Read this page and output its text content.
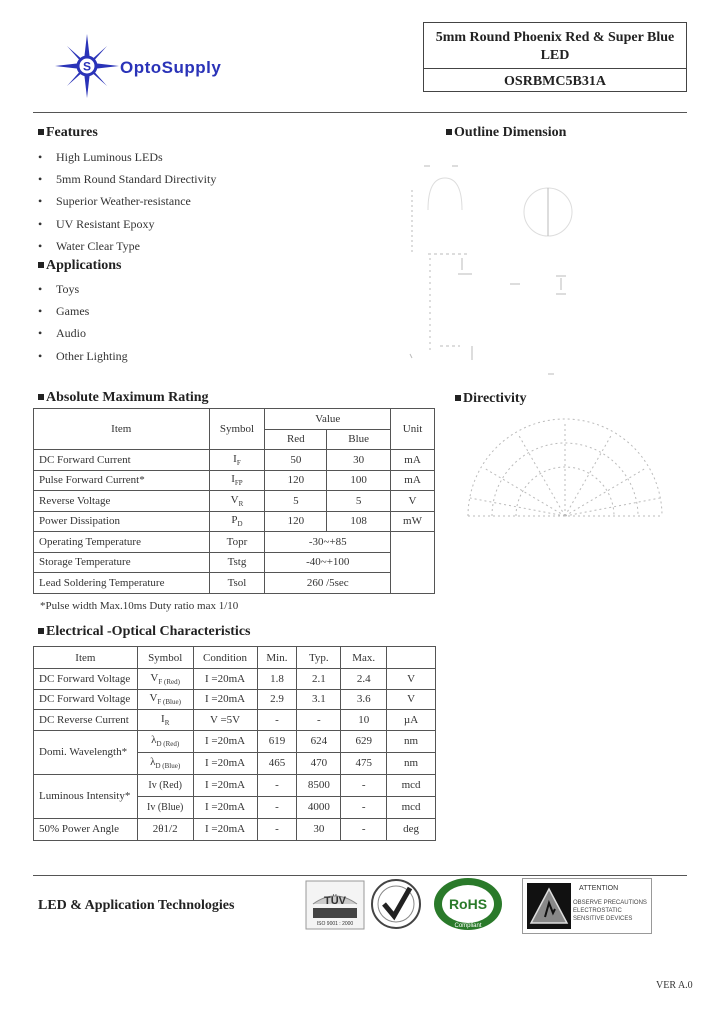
S OptoSupply
5mm Round Phoenix Red & Super Blue LED
OSRBMC5B31A
Features
• High Luminous LEDs
• 5mm Round Standard Directivity
• Superior Weather-resistance
• UV Resistant Epoxy
• Water Clear Type
Applications
• Toys
• Games
• Audio
• Other Lighting
Outline Dimension
Directivity
Absolute Maximum Rating
Item	Symbol	Value		Unit
		Red	Blue	
DC Forward Current	$I_F$	50	30	mA
Pulse Forward Current*	$I_{FP}$	120	100	mA
Reverse Voltage	$V_R$	5	5	V
Power Dissipation	$P_D$	120	108	mW
Operating Temperature	Topr	-30~+85		
Storage Temperature	Tstg	-40~+100		
Lead Soldering Temperature	Tsol	260 /5sec		
*Pulse width Max.10ms Duty ratio max 1/10
Electrical -Optical Characteristics
Item	Symbol	Condition	Min.	Typ.	Max.	
DC Forward Voltage	$V_{F (Red)}$	I =20mA	1.8	2.1	2.4	V
DC Forward Voltage	$V_{F (Blue)}$	I =20mA	2.9	3.1	3.6	V
DC Reverse Current	$I_R$	V =5V	-	-	10	µA
Domi. Wavelength*	$\lambda_{D (Red)}$	I =20mA	619	624	629	nm
	$\lambda_{D (Blue)}$	I =20mA	465	470	475	nm
Luminous Intensity*	Iv (Red)	I =20mA	-	8500	-	mcd
	Iv (Blue)	I =20mA	-	4000	-	mcd
50% Power Angle	2θ1/2	I =20mA	-	30	-	deg
LED & Application Technologies	TÜV
ISO 9001 : 2000
RoHS
Compliant
ATTENTION
OBSERVE PRECAUTIONS ELECTROSTATIC SENSITIVE DEVICES
VER A.0
